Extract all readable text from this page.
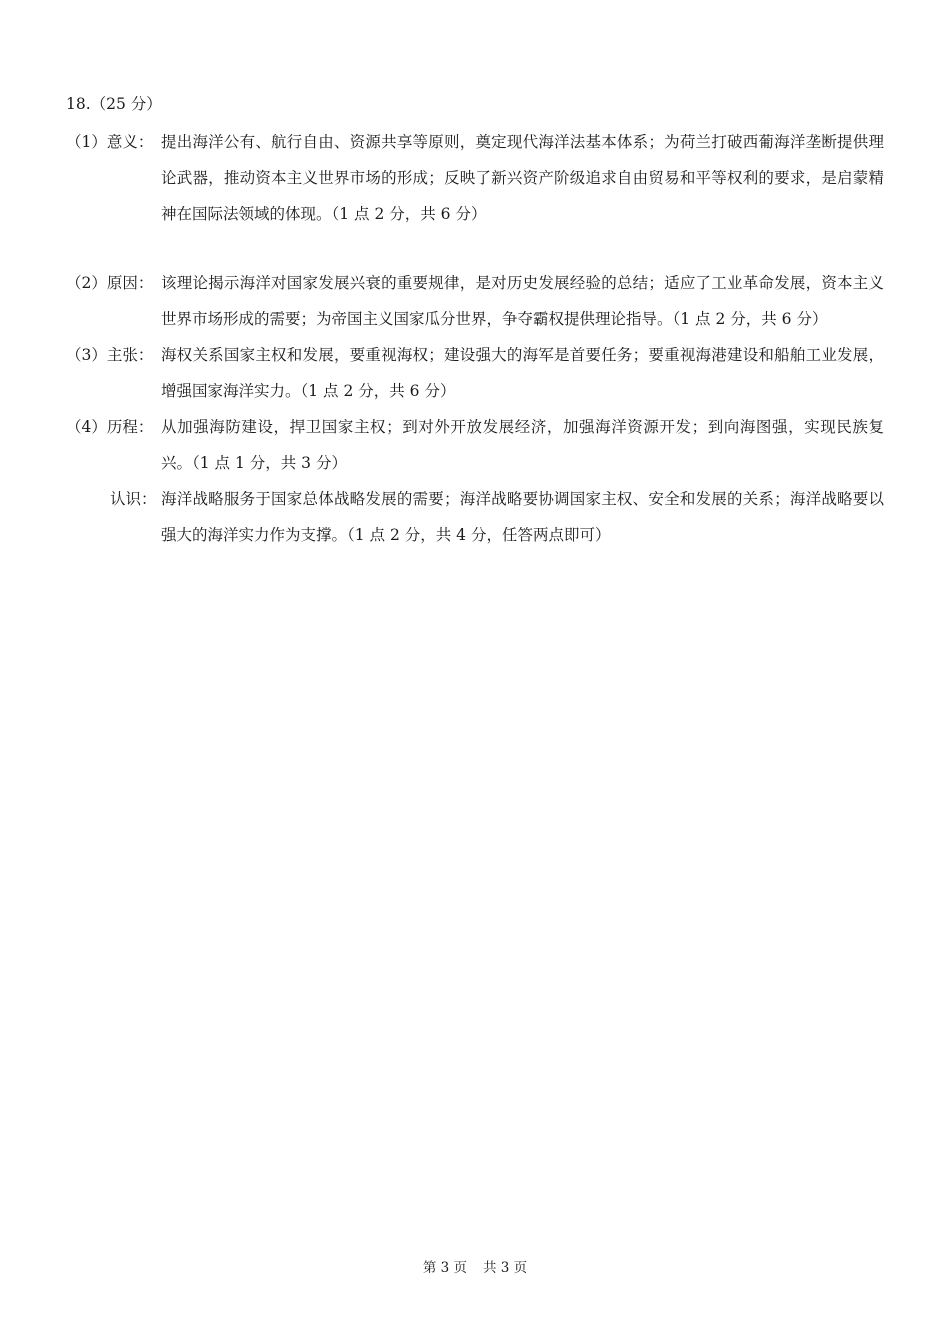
18.（25 分）
（1）意义： 提出海洋公有、航行自由、资源共享等原则，奠定现代海洋法基本体系；为荷兰打破西葡海洋垄断提供理论武器，推动资本主义世界市场的形成；反映了新兴资产阶级追求自由贸易和平等权利的要求，是启蒙精神在国际法领域的体现。（1 点 2 分，共 6 分）
（2）原因： 该理论揭示海洋对国家发展兴衰的重要规律，是对历史发展经验的总结；适应了工业革命发展，资本主义世界市场形成的需要；为帝国主义国家瓜分世界，争夺霸权提供理论指导。（1 点 2 分，共 6 分）
（3）主张： 海权关系国家主权和发展，要重视海权；建设强大的海军是首要任务；要重视海港建设和船舶工业发展，增强国家海洋实力。（1 点 2 分，共 6 分）
（4）历程： 从加强海防建设，捍卫国家主权；到对外开放发展经济，加强海洋资源开发；到向海图强，实现民族复兴。（1 点 1 分，共 3 分）
认识： 海洋战略服务于国家总体战略发展的需要；海洋战略要协调国家主权、安全和发展的关系；海洋战略要以强大的海洋实力作为支撑。（1 点 2 分，共 4 分，任答两点即可）
第 3 页 共 3 页
